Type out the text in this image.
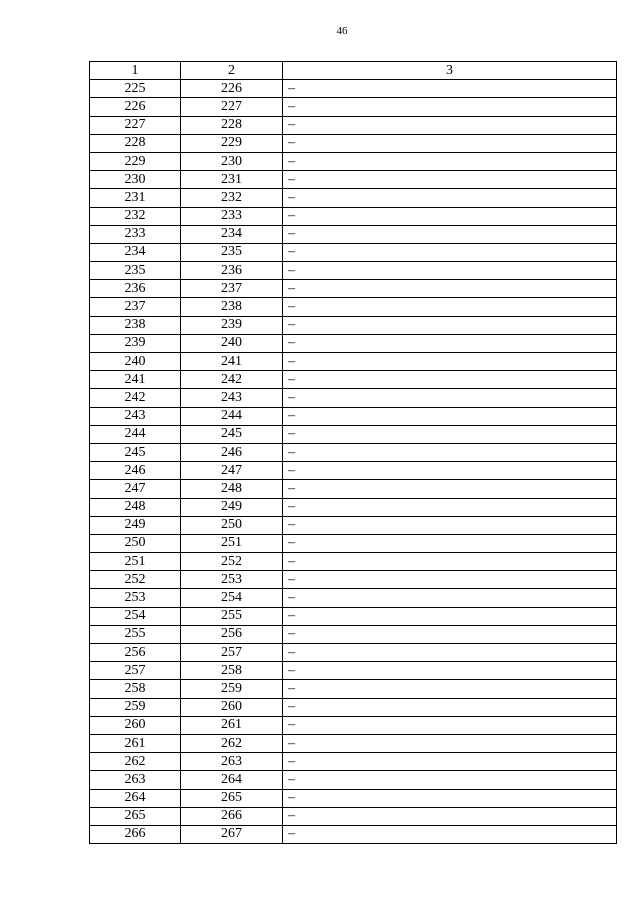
46
1	2	3
225	226	–
226	227	–
227	228	–
228	229	–
229	230	–
230	231	–
231	232	–
232	233	–
233	234	–
234	235	–
235	236	–
236	237	–
237	238	–
238	239	–
239	240	–
240	241	–
241	242	–
242	243	–
243	244	–
244	245	–
245	246	–
246	247	–
247	248	–
248	249	–
249	250	–
250	251	–
251	252	–
252	253	–
253	254	–
254	255	–
255	256	–
256	257	–
257	258	–
258	259	–
259	260	–
260	261	–
261	262	–
262	263	–
263	264	–
264	265	–
265	266	–
266	267	–
